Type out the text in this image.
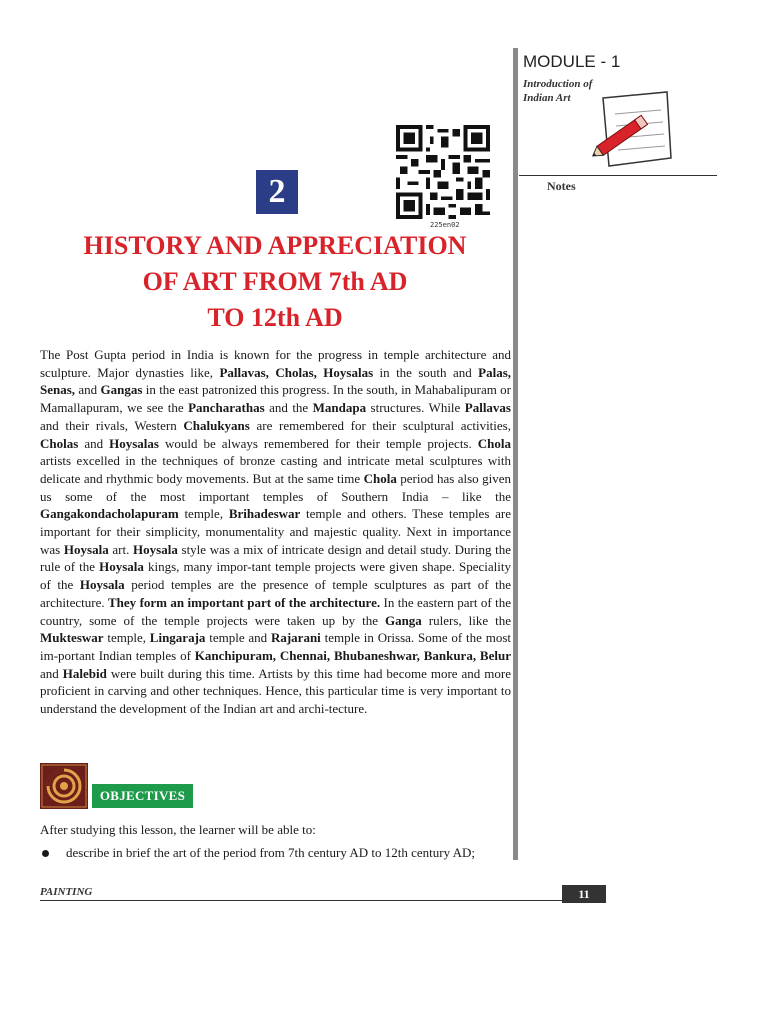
MODULE - 1
Introduction of
Indian Art
Notes
225en02
2
HISTORY AND APPRECIATION
OF ART FROM 7th AD
TO 12th AD
The Post Gupta period in India is known for the progress in temple architecture and sculpture. Major dynasties like, Pallavas, Cholas, Hoysalas in the south and Palas, Senas, and Gangas in the east patronized this progress. In the south, in Mahabalipuram or Mamallapuram, we see the Pancharathas and the Mandapa structures. While Pallavas and their rivals, Western Chalukyans are remembered for their sculptural activities, Cholas and Hoysalas would be always remembered for their temple projects. Chola artists excelled in the techniques of bronze casting and intricate metal sculptures with delicate and rhythmic body movements. But at the same time Chola period has also given us some of the most important temples of Southern India – like the Gangakondacholapuram temple, Brihadeswar temple and others. These temples are important for their simplicity, monumentality and majestic quality. Next in importance was Hoysala art. Hoysala style was a mix of intricate design and detail study. During the rule of the Hoysala kings, many impor-tant temple projects were given shape. Speciality of the Hoysala period temples are the presence of temple sculptures as part of the architecture. They form an important part of the architecture. In the eastern part of the country, some of the temple projects were taken up by the Ganga rulers, like the Mukteswar temple, Lingaraja temple and Rajarani temple in Orissa. Some of the most im-portant Indian temples of Kanchipuram, Chennai, Bhubaneshwar, Bankura, Belur and Halebid were built during this time. Artists by this time had become more and more proficient in carving and other techniques. Hence, this particular time is very important to understand the development of the Indian art and archi-tecture.
OBJECTIVES
After studying this lesson, the learner will be able to:
describe in brief the art of the period from 7th century AD to 12th century AD;
PAINTING	11
